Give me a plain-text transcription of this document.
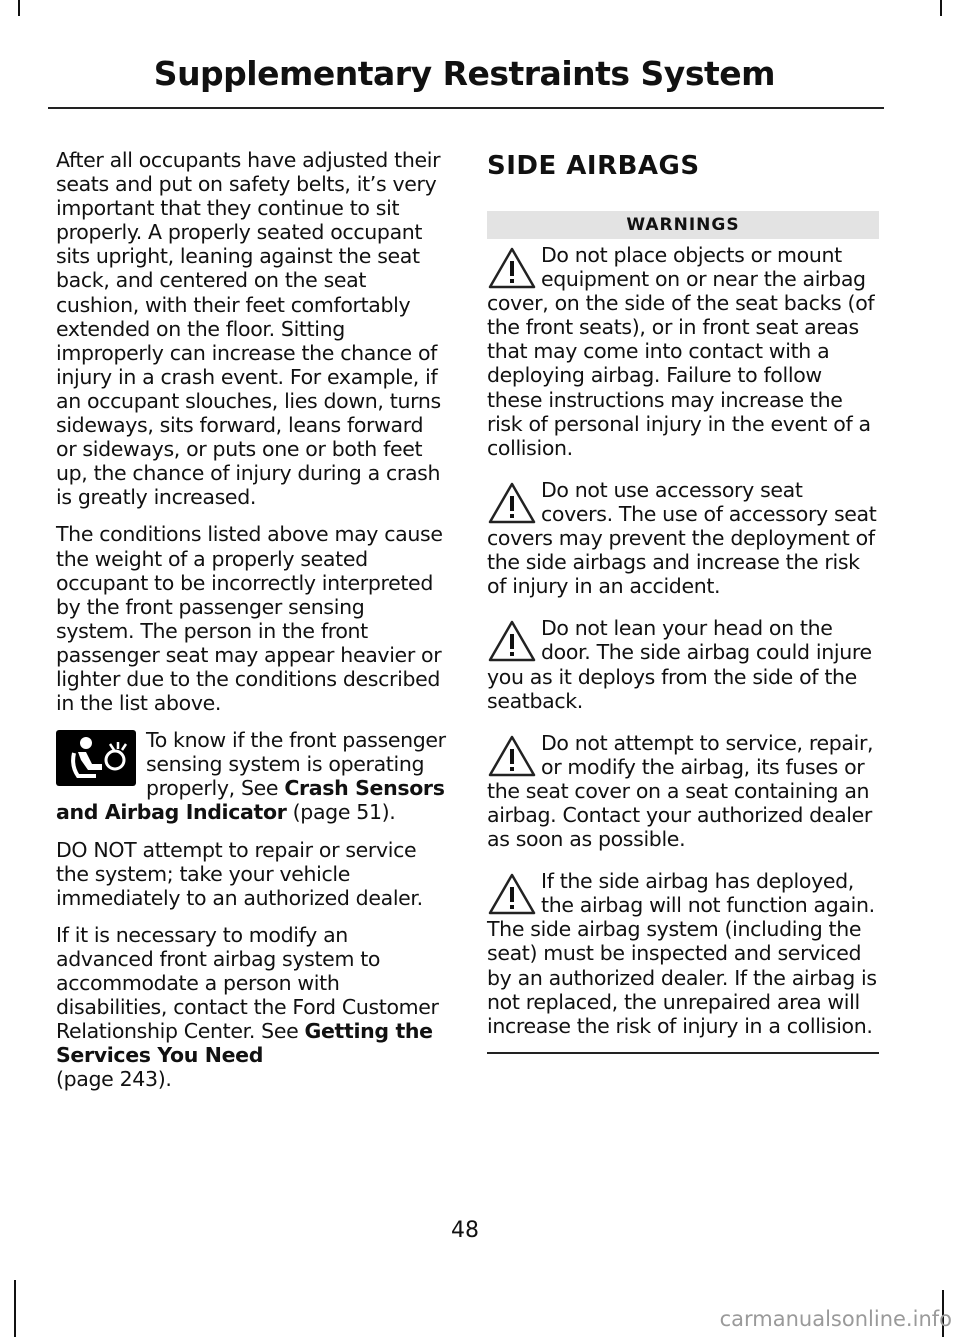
Supplementary Restraints System

After all occupants have adjusted their seats and put on safety belts, it’s very important that they continue to sit properly. A properly seated occupant sits upright, leaning against the seat back, and centered on the seat cushion, with their feet comfortably extended on the floor. Sitting improperly can increase the chance of injury in a crash event. For example, if an occupant slouches, lies down, turns sideways, sits forward, leans forward or sideways, or puts one or both feet up, the chance of injury during a crash is greatly increased.

The conditions listed above may cause the weight of a properly seated occupant to be incorrectly interpreted by the front passenger sensing system. The person in the front passenger seat may appear heavier or lighter due to the conditions described in the list above.

To know if the front passenger sensing system is operating properly, See Crash Sensors and Airbag Indicator (page 51).

DO NOT attempt to repair or service the system; take your vehicle immediately to an authorized dealer.

If it is necessary to modify an advanced front airbag system to accommodate a person with disabilities, contact the Ford Customer Relationship Center. See Getting the Services You Need
(page 243).

SIDE AIRBAGS
WARNINGS
Do not place objects or mount equipment on or near the airbag cover, on the side of the seat backs (of the front seats), or in front seat areas that may come into contact with a deploying airbag. Failure to follow these instructions may increase the risk of personal injury in the event of a collision.
Do not use accessory seat covers. The use of accessory seat covers may prevent the deployment of the side airbags and increase the risk of injury in an accident.
Do not lean your head on the door. The side airbag could injure you as it deploys from the side of the seatback.
Do not attempt to service, repair, or modify the airbag, its fuses or the seat cover on a seat containing an airbag. Contact your authorized dealer as soon as possible.
If the side airbag has deployed, the airbag will not function again. The side airbag system (including the seat) must be inspected and serviced by an authorized dealer. If the airbag is not replaced, the unrepaired area will increase the risk of injury in a collision.
48
carmanualsonline.info
